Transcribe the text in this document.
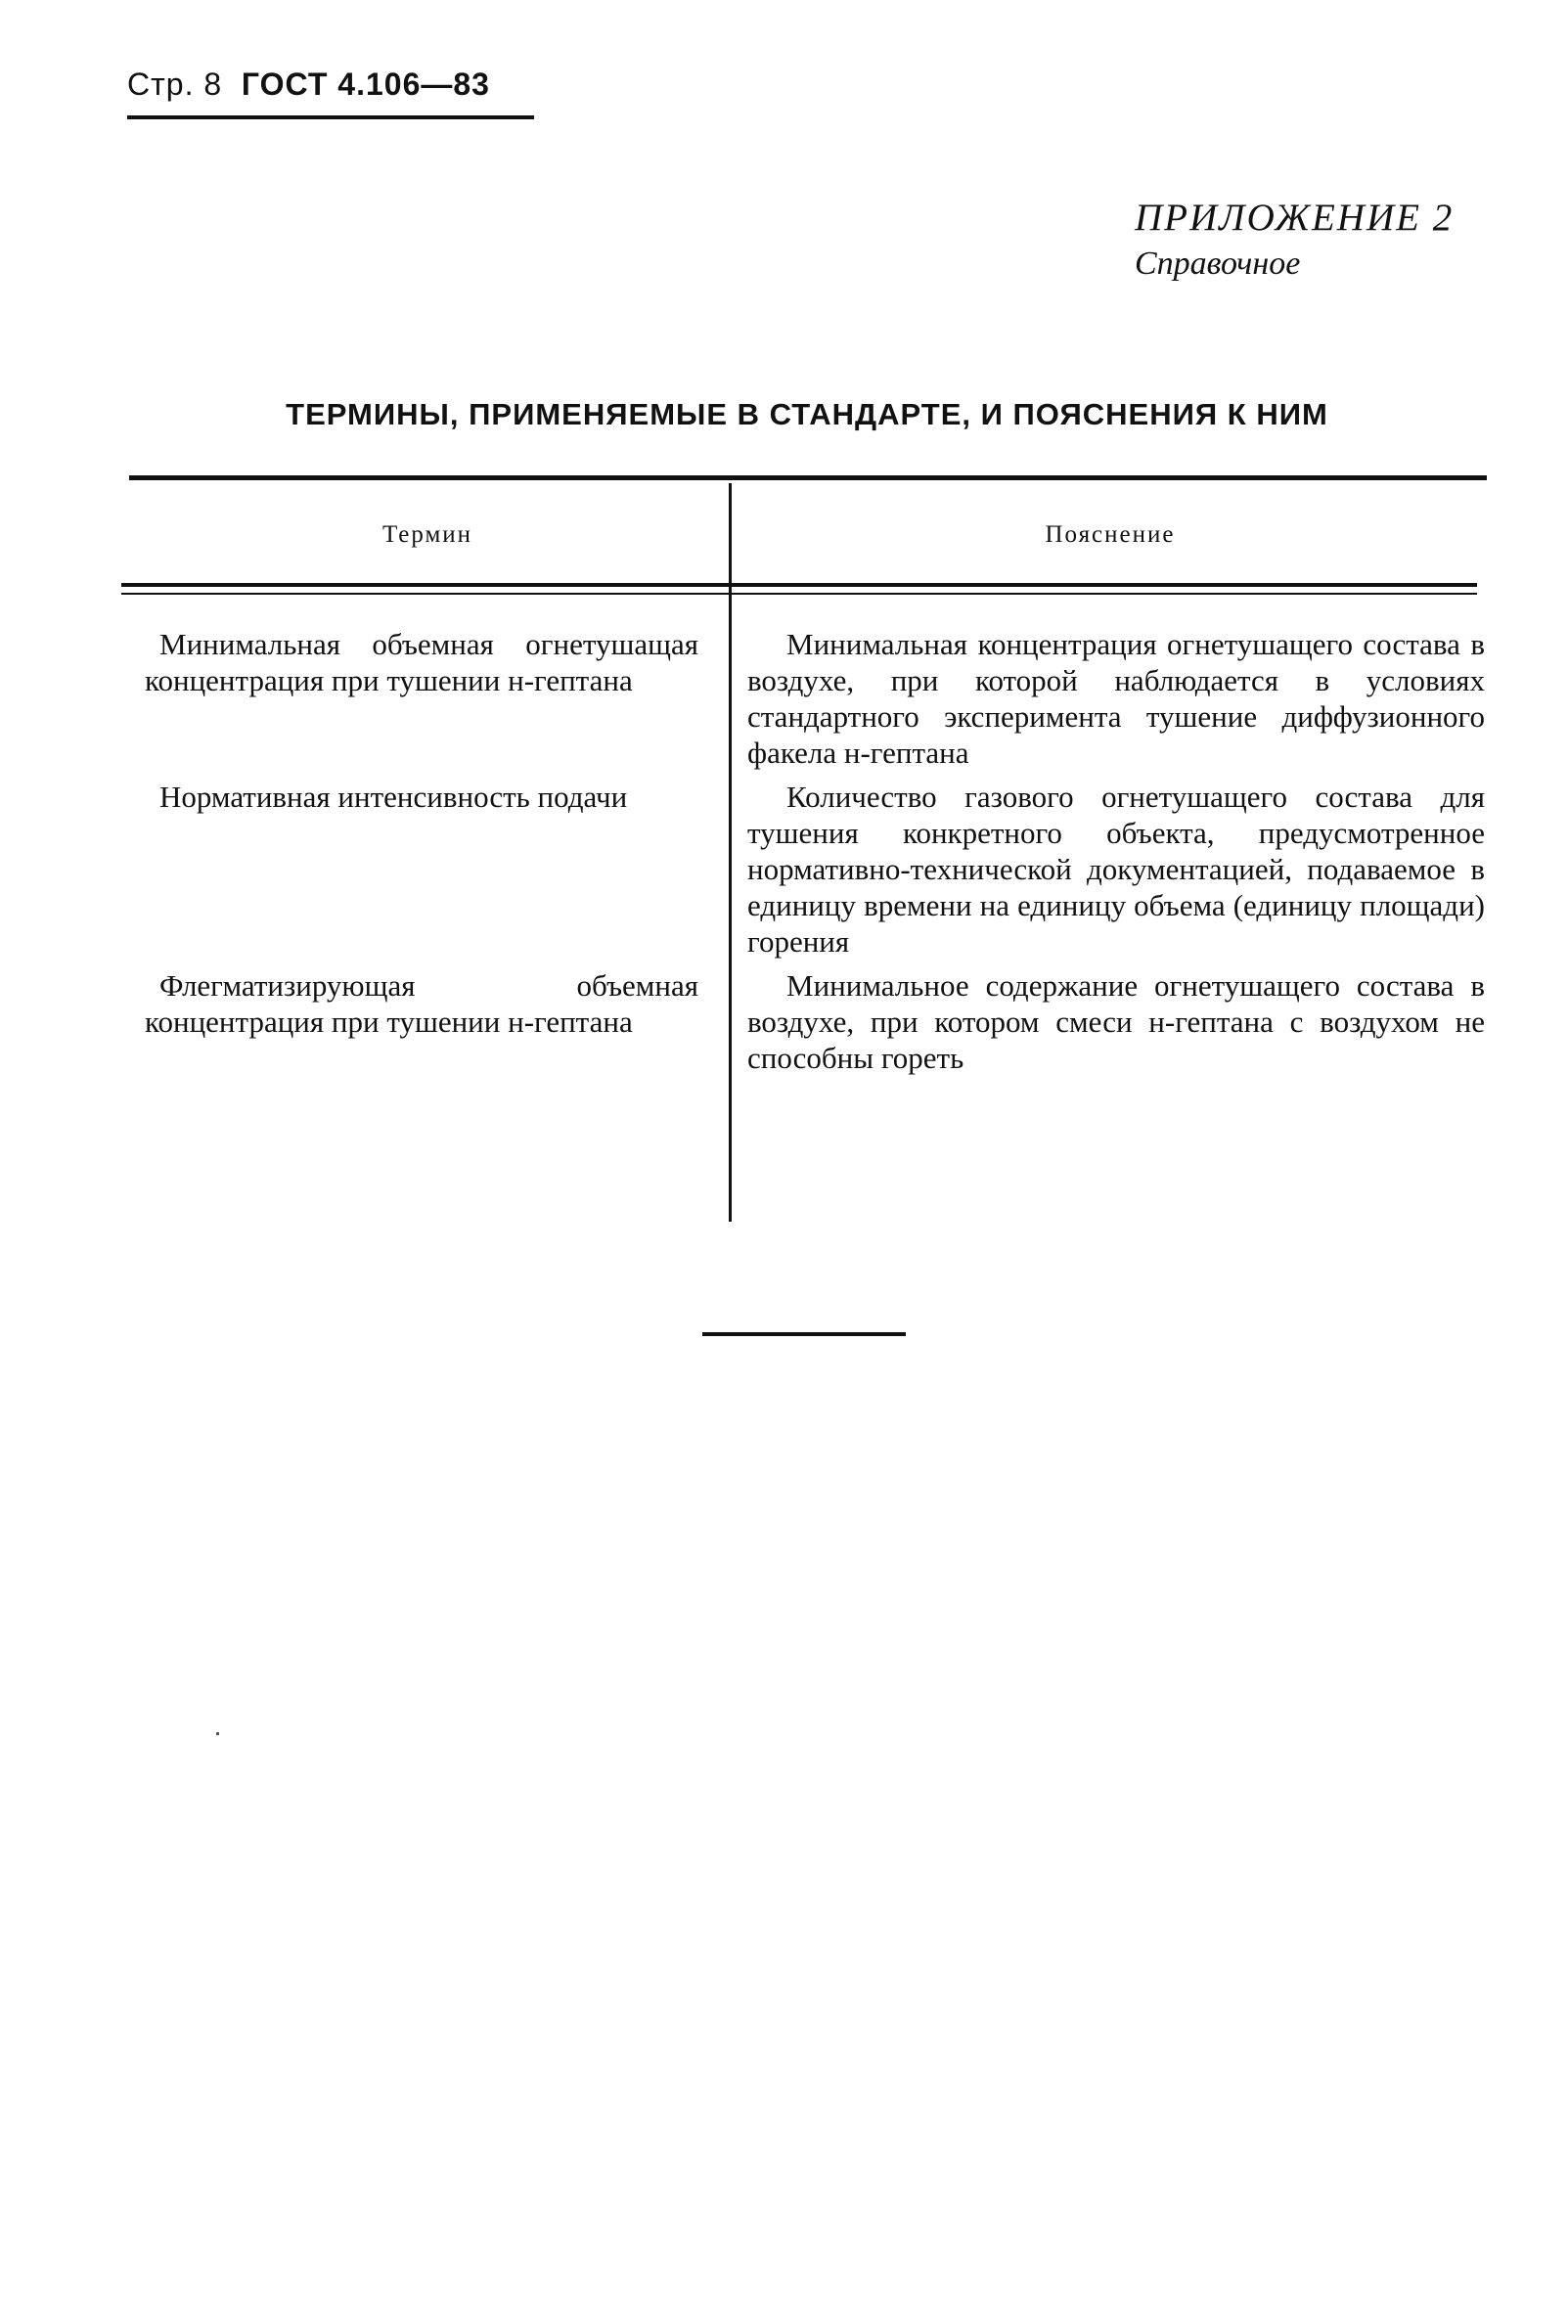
Стр. 8 ГОСТ 4.106—83
ПРИЛОЖЕНИЕ 2
Справочное
ТЕРМИНЫ, ПРИМЕНЯЕМЫЕ В СТАНДАРТЕ, И ПОЯСНЕНИЯ К НИМ
Термин	Пояснение
Минимальная объемная огнетушащая концентрация при тушении н-гептана
Минимальная концентрация огнетушащего состава в воздухе, при которой наблюдается в условиях стандартного эксперимента тушение диффузионного факела н-гептана
Нормативная интенсивность подачи	Количество газового огнетушащего состава для тушения конкретного объекта, предусмотренное нормативно-технической документацией, подаваемое в единицу времени на единицу объема (единицу площади) горения
Флегматизирующая объемная концентрация при тушении н-гептана
Минимальное содержание огнетушащего состава в воздухе, при котором смеси н-гептана с воздухом не способны гореть
